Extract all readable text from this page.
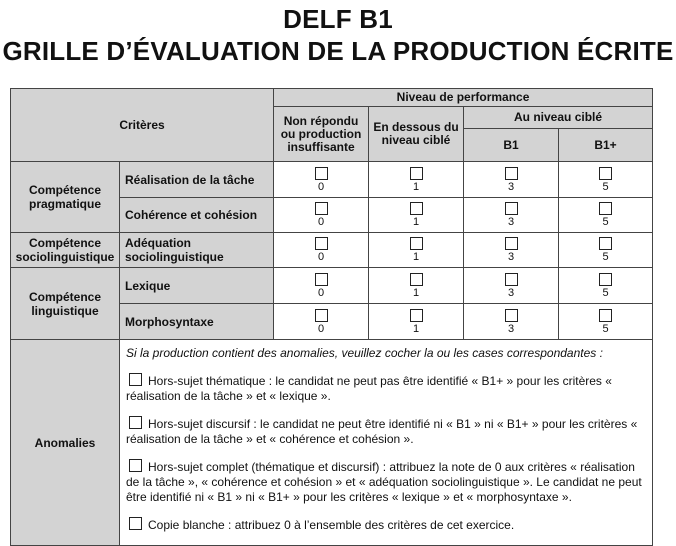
DELF B1
GRILLE D’ÉVALUATION DE LA PRODUCTION ÉCRITE
Critères		Niveau de performance			
		Non répondu ou production insuffisante	En dessous du niveau ciblé	Au niveau ciblé	
				B1	B1+
Compétence pragmatique	Réalisation de la tâche	0	1	3	5

	Cohérence et cohésion	0	1	3	5

Compétence sociolinguistique	Adéquation sociolinguistique	0	1	3	5

Compétence linguistique	Lexique	0	1	3	5

	Morphosyntaxe	0	1	3	5

Anomalies	Si la production contient des anomalies, veuillez cocher la ou les cases correspondantes :

Hors-sujet thématique : le candidat ne peut pas être identifié « B1+ » pour les critères « réalisation de la tâche » et « lexique ».

Hors-sujet discursif : le candidat ne peut être identifié ni « B1 » ni « B1+ » pour les critères « réalisation de la tâche » et « cohérence et cohésion ».

Hors-sujet complet (thématique et discursif) : attribuez la note de 0 aux critères « réalisation de la tâche », « cohérence et cohésion » et « adéquation sociolinguistique ». Le candidat ne peut être identifié ni « B1 » ni « B1+ » pour les critères « lexique » et « morphosyntaxe ».

Copie blanche : attribuez 0 à l’ensemble des critères de cet exercice.				
